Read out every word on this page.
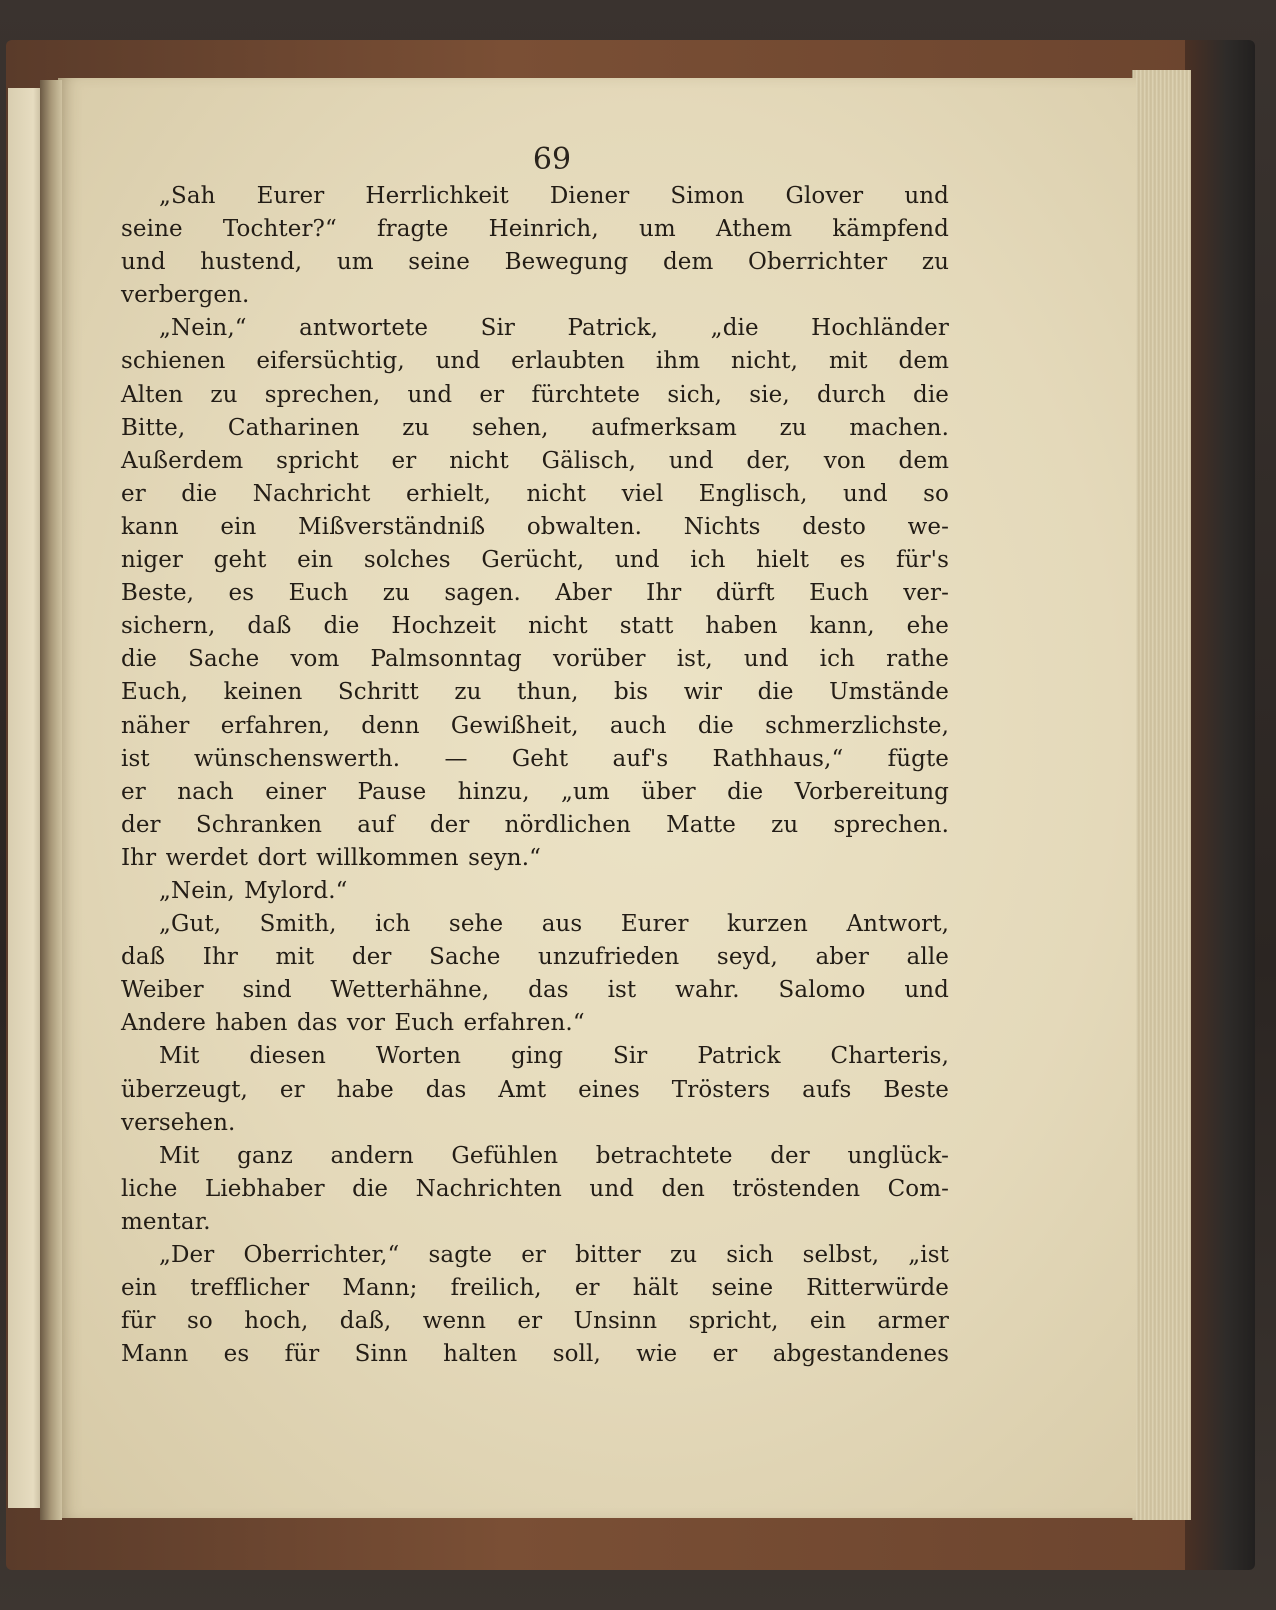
69

„Sah Eurer Herrlichkeit Diener Simon Glover und
seine Tochter?“ fragte Heinrich, um Athem kämpfend
und hustend, um seine Bewegung dem Oberrichter zu
verbergen.
„Nein,“ antwortete Sir Patrick, „die Hochländer
schienen eifersüchtig, und erlaubten ihm nicht, mit dem
Alten zu sprechen, und er fürchtete sich, sie, durch die
Bitte, Catharinen zu sehen, aufmerksam zu machen.
Außerdem spricht er nicht Gälisch, und der, von dem
er die Nachricht erhielt, nicht viel Englisch, und so
kann ein Mißverständniß obwalten. Nichts desto we-
niger geht ein solches Gerücht, und ich hielt es für's
Beste, es Euch zu sagen. Aber Ihr dürft Euch ver-
sichern, daß die Hochzeit nicht statt haben kann, ehe
die Sache vom Palmsonntag vorüber ist, und ich rathe
Euch, keinen Schritt zu thun, bis wir die Umstände
näher erfahren, denn Gewißheit, auch die schmerzlichste,
ist wünschenswerth. — Geht auf's Rathhaus,“ fügte
er nach einer Pause hinzu, „um über die Vorbereitung
der Schranken auf der nördlichen Matte zu sprechen.
Ihr werdet dort willkommen seyn.“
„Nein, Mylord.“
„Gut, Smith, ich sehe aus Eurer kurzen Antwort,
daß Ihr mit der Sache unzufrieden seyd, aber alle
Weiber sind Wetterhähne, das ist wahr. Salomo und
Andere haben das vor Euch erfahren.“
Mit diesen Worten ging Sir Patrick Charteris,
überzeugt, er habe das Amt eines Trösters aufs Beste
versehen.
Mit ganz andern Gefühlen betrachtete der unglück-
liche Liebhaber die Nachrichten und den tröstenden Com-
mentar.
„Der Oberrichter,“ sagte er bitter zu sich selbst, „ist
ein trefflicher Mann; freilich, er hält seine Ritterwürde
für so hoch, daß, wenn er Unsinn spricht, ein armer
Mann es für Sinn halten soll, wie er abgestandenes
